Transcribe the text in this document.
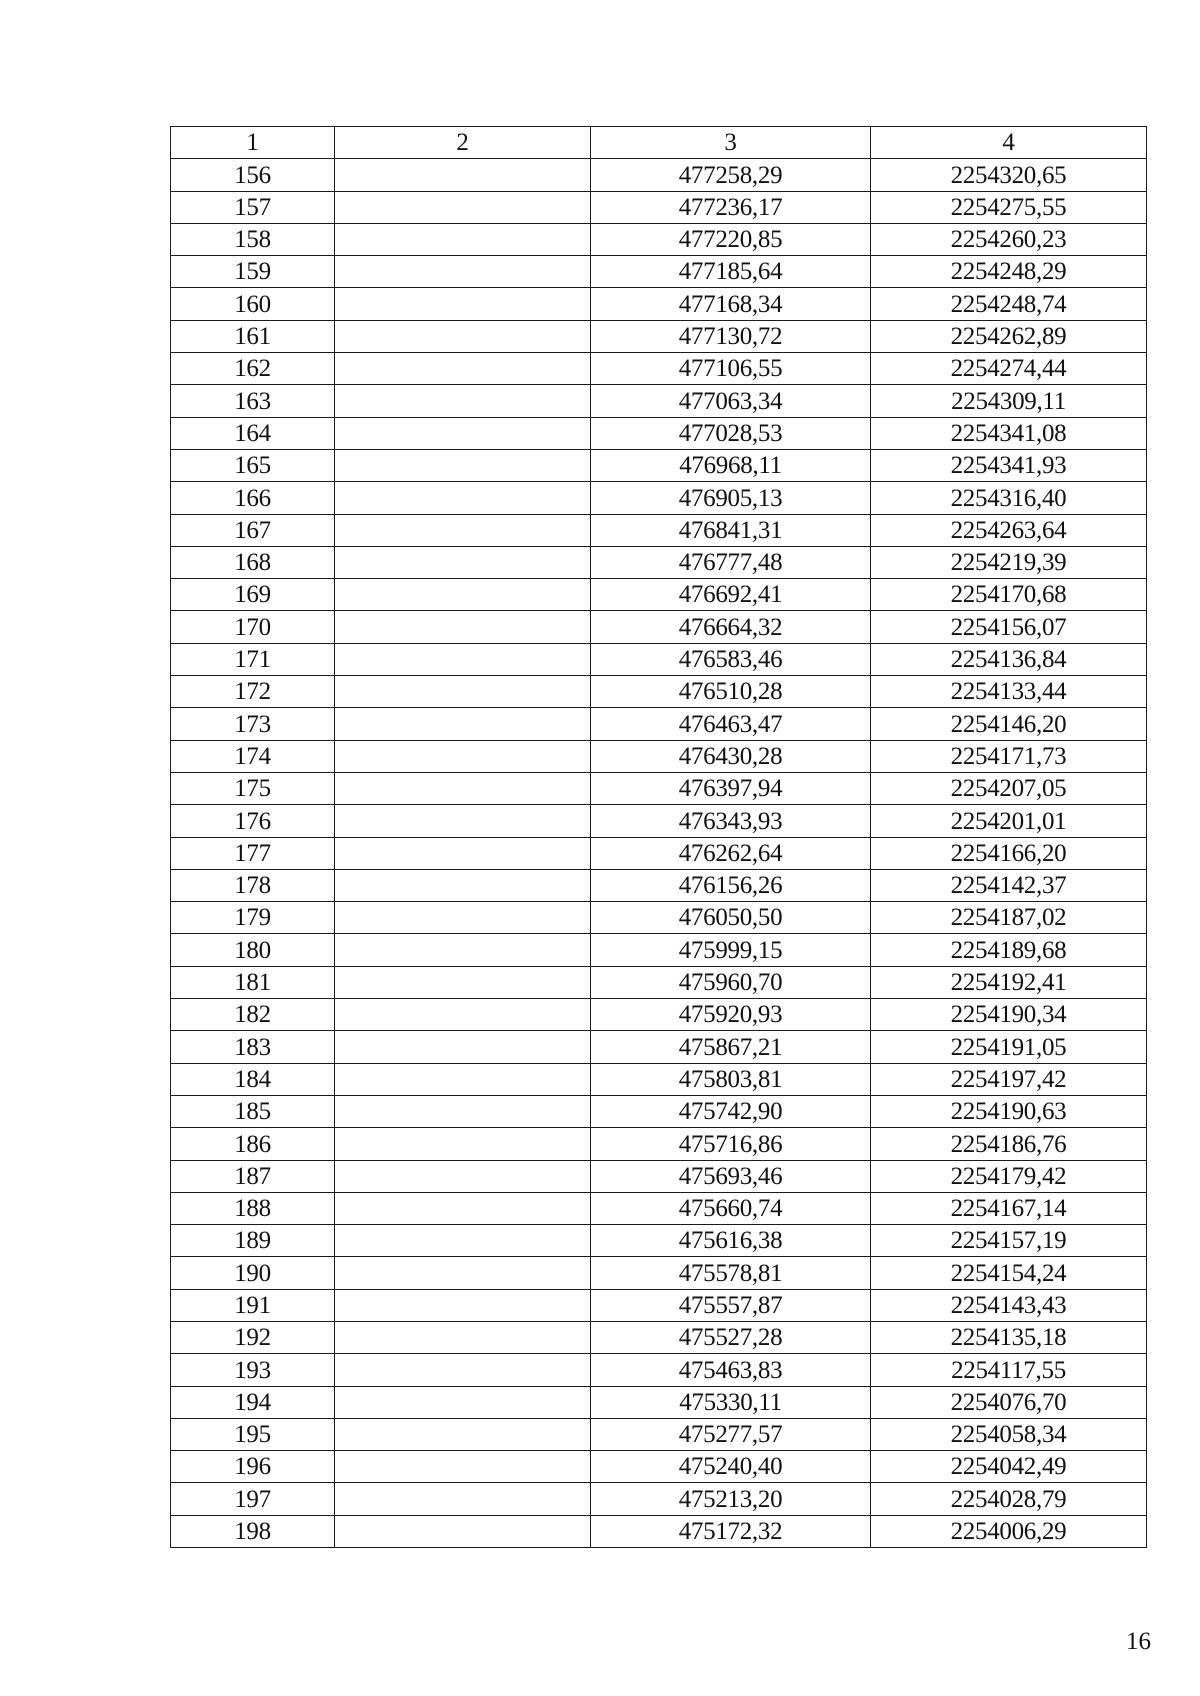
1	2	3	4
156		477258,29	2254320,65
157		477236,17	2254275,55
158		477220,85	2254260,23
159		477185,64	2254248,29
160		477168,34	2254248,74
161		477130,72	2254262,89
162		477106,55	2254274,44
163		477063,34	2254309,11
164		477028,53	2254341,08
165		476968,11	2254341,93
166		476905,13	2254316,40
167		476841,31	2254263,64
168		476777,48	2254219,39
169		476692,41	2254170,68
170		476664,32	2254156,07
171		476583,46	2254136,84
172		476510,28	2254133,44
173		476463,47	2254146,20
174		476430,28	2254171,73
175		476397,94	2254207,05
176		476343,93	2254201,01
177		476262,64	2254166,20
178		476156,26	2254142,37
179		476050,50	2254187,02
180		475999,15	2254189,68
181		475960,70	2254192,41
182		475920,93	2254190,34
183		475867,21	2254191,05
184		475803,81	2254197,42
185		475742,90	2254190,63
186		475716,86	2254186,76
187		475693,46	2254179,42
188		475660,74	2254167,14
189		475616,38	2254157,19
190		475578,81	2254154,24
191		475557,87	2254143,43
192		475527,28	2254135,18
193		475463,83	2254117,55
194		475330,11	2254076,70
195		475277,57	2254058,34
196		475240,40	2254042,49
197		475213,20	2254028,79
198		475172,32	2254006,29
16
